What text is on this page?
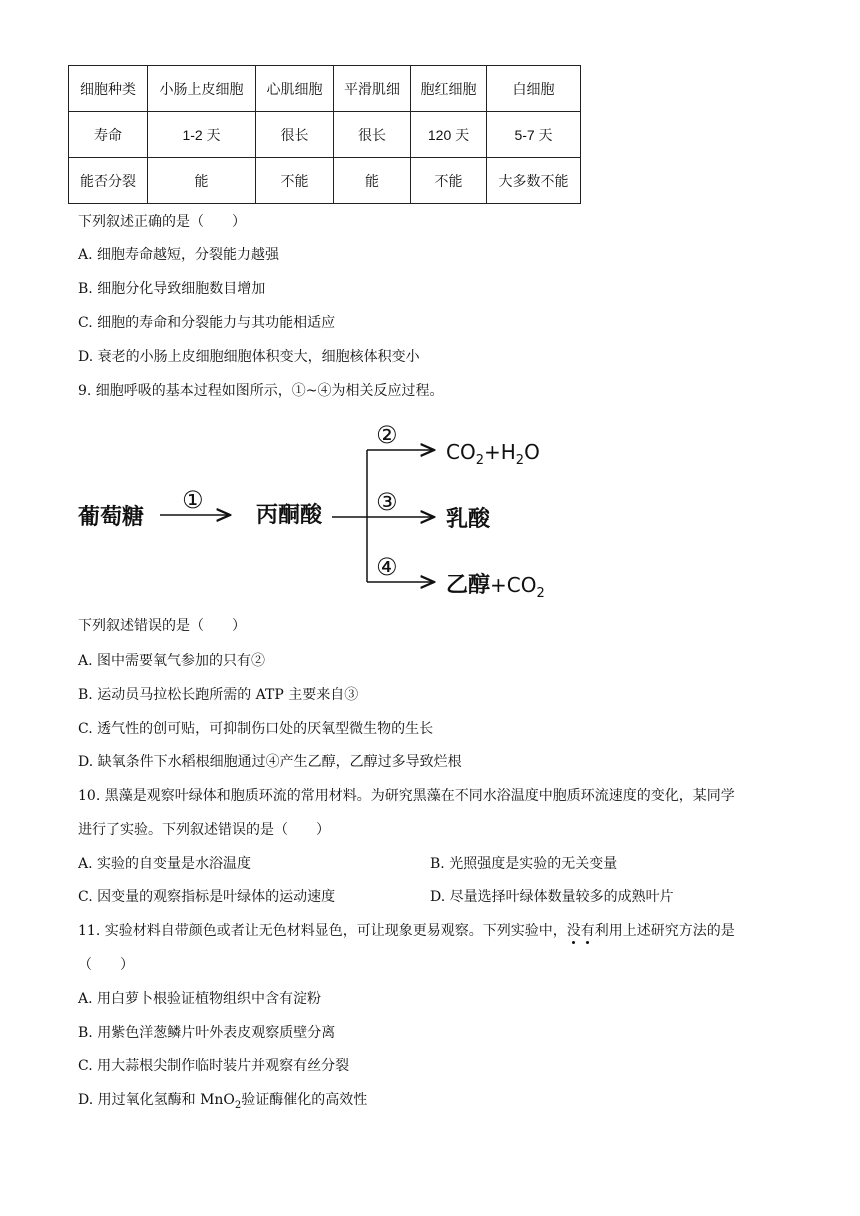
细胞种类	小肠上皮细胞	心肌细胞	平滑肌细	胞红细胞	白细胞
寿命	1-2 天	很长	很长	120 天	5-7 天
能否分裂	能	不能	能	不能	大多数不能
下列叙述正确的是（　　）
A. 细胞寿命越短，分裂能力越强
B. 细胞分化导致细胞数目增加
C. 细胞的寿命和分裂能力与其功能相适应
D. 衰老的小肠上皮细胞细胞体积变大，细胞核体积变小
9. 细胞呼吸的基本过程如图所示，①~④为相关反应过程。
葡萄糖
①
丙酮酸
②
③
④
$CO_2+H_2O$
乳酸
乙醇$+CO_2$
下列叙述错误的是（　　）
A. 图中需要氧气参加的只有②
B. 运动员马拉松长跑所需的 ATP 主要来自③
C. 透气性的创可贴，可抑制伤口处的厌氧型微生物的生长
D. 缺氧条件下水稻根细胞通过④产生乙醇，乙醇过多导致烂根
10. 黑藻是观察叶绿体和胞质环流的常用材料。为研究黑藻在不同水浴温度中胞质环流速度的变化，某同学
进行了实验。下列叙述错误的是（　　）
A. 实验的自变量是水浴温度	B. 光照强度是实验的无关变量
C. 因变量的观察指标是叶绿体的运动速度	D. 尽量选择叶绿体数量较多的成熟叶片
11. 实验材料自带颜色或者让无色材料显色，可让现象更易观察。下列实验中，没有利用上述研究方法的是
（　　）
A. 用白萝卜根验证植物组织中含有淀粉
B. 用紫色洋葱鳞片叶外表皮观察质壁分离
C. 用大蒜根尖制作临时装片并观察有丝分裂
D. 用过氧化氢酶和 MnO$_2$验证酶催化的高效性
